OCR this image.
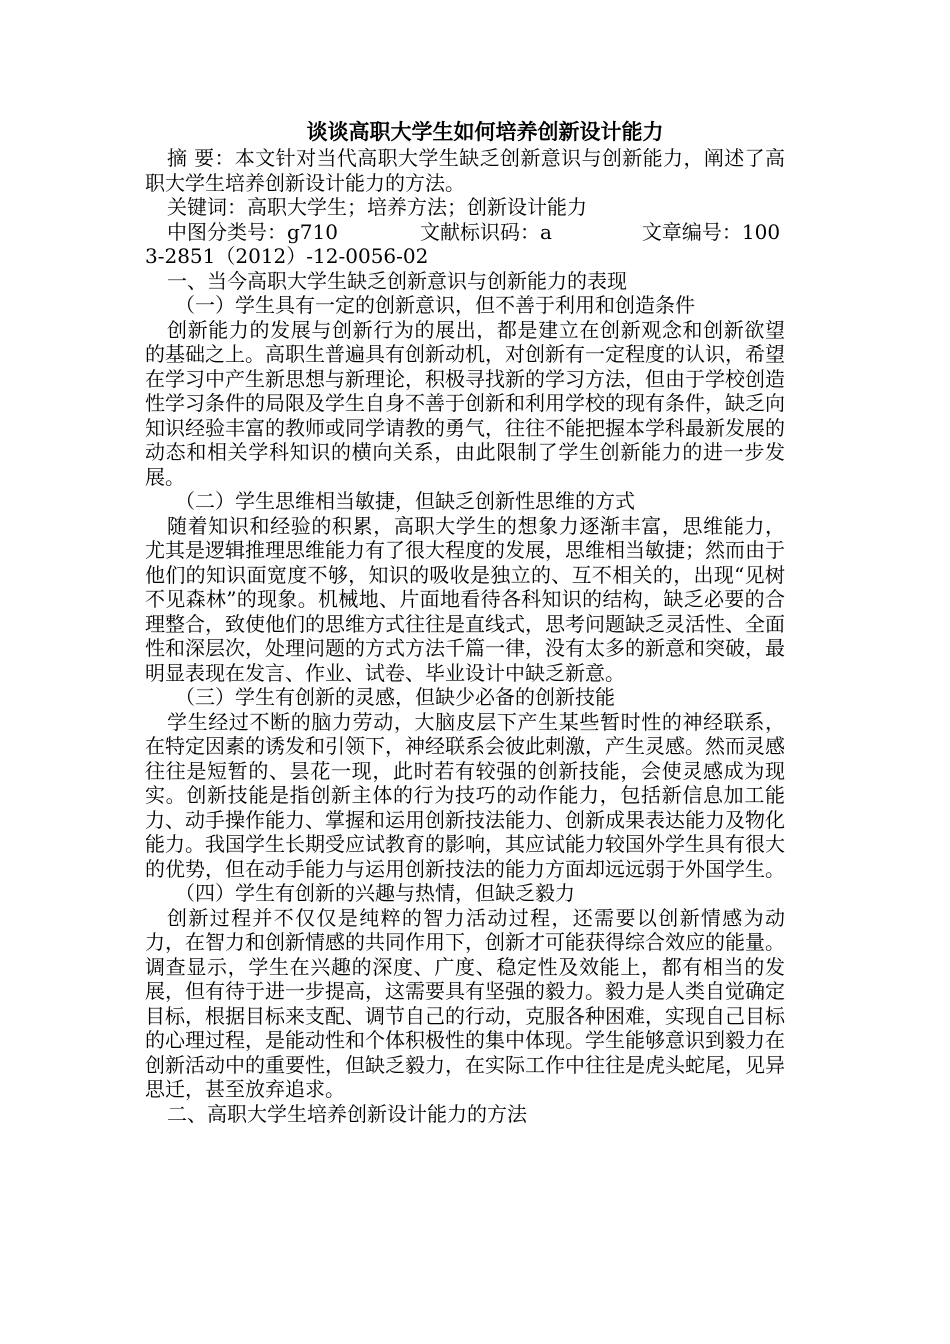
谈谈高职大学生如何培养创新设计能力

摘 要：本文针对当代高职大学生缺乏创新意识与创新能力，阐述了高职大学生培养创新设计能力的方法。

关键词：高职大学生；培养方法；创新设计能力

中图分类号：g710	文献标识码：a	文章编号：1003-2851（2012）-12-0056-02

一、当今高职大学生缺乏创新意识与创新能力的表现

（一）学生具有一定的创新意识，但不善于利用和创造条件

创新能力的发展与创新行为的展出，都是建立在创新观念和创新欲望的基础之上。高职生普遍具有创新动机，对创新有一定程度的认识，希望在学习中产生新思想与新理论，积极寻找新的学习方法，但由于学校创造性学习条件的局限及学生自身不善于创新和利用学校的现有条件，缺乏向知识经验丰富的教师或同学请教的勇气，往往不能把握本学科最新发展的动态和相关学科知识的横向关系，由此限制了学生创新能力的进一步发展。

（二）学生思维相当敏捷，但缺乏创新性思维的方式

随着知识和经验的积累，高职大学生的想象力逐渐丰富，思维能力，尤其是逻辑推理思维能力有了很大程度的发展，思维相当敏捷；然而由于他们的知识面宽度不够，知识的吸收是独立的、互不相关的，出现“见树不见森林”的现象。机械地、片面地看待各科知识的结构，缺乏必要的合理整合，致使他们的思维方式往往是直线式，思考问题缺乏灵活性、全面性和深层次，处理问题的方式方法千篇一律，没有太多的新意和突破，最明显表现在发言、作业、试卷、毕业设计中缺乏新意。

（三）学生有创新的灵感，但缺少必备的创新技能

学生经过不断的脑力劳动，大脑皮层下产生某些暂时性的神经联系，在特定因素的诱发和引领下，神经联系会彼此刺激，产生灵感。然而灵感往往是短暂的、昙花一现，此时若有较强的创新技能，会使灵感成为现实。创新技能是指创新主体的行为技巧的动作能力，包括新信息加工能力、动手操作能力、掌握和运用创新技法能力、创新成果表达能力及物化能力。我国学生长期受应试教育的影响，其应试能力较国外学生具有很大的优势，但在动手能力与运用创新技法的能力方面却远远弱于外国学生。

（四）学生有创新的兴趣与热情，但缺乏毅力

创新过程并不仅仅是纯粹的智力活动过程，还需要以创新情感为动力，在智力和创新情感的共同作用下，创新才可能获得综合效应的能量。调查显示，学生在兴趣的深度、广度、稳定性及效能上，都有相当的发展，但有待于进一步提高，这需要具有坚强的毅力。毅力是人类自觉确定目标，根据目标来支配、调节自己的行动，克服各种困难，实现自己目标的心理过程，是能动性和个体积极性的集中体现。学生能够意识到毅力在创新活动中的重要性，但缺乏毅力，在实际工作中往往是虎头蛇尾，见异思迁，甚至放弃追求。

二、高职大学生培养创新设计能力的方法
